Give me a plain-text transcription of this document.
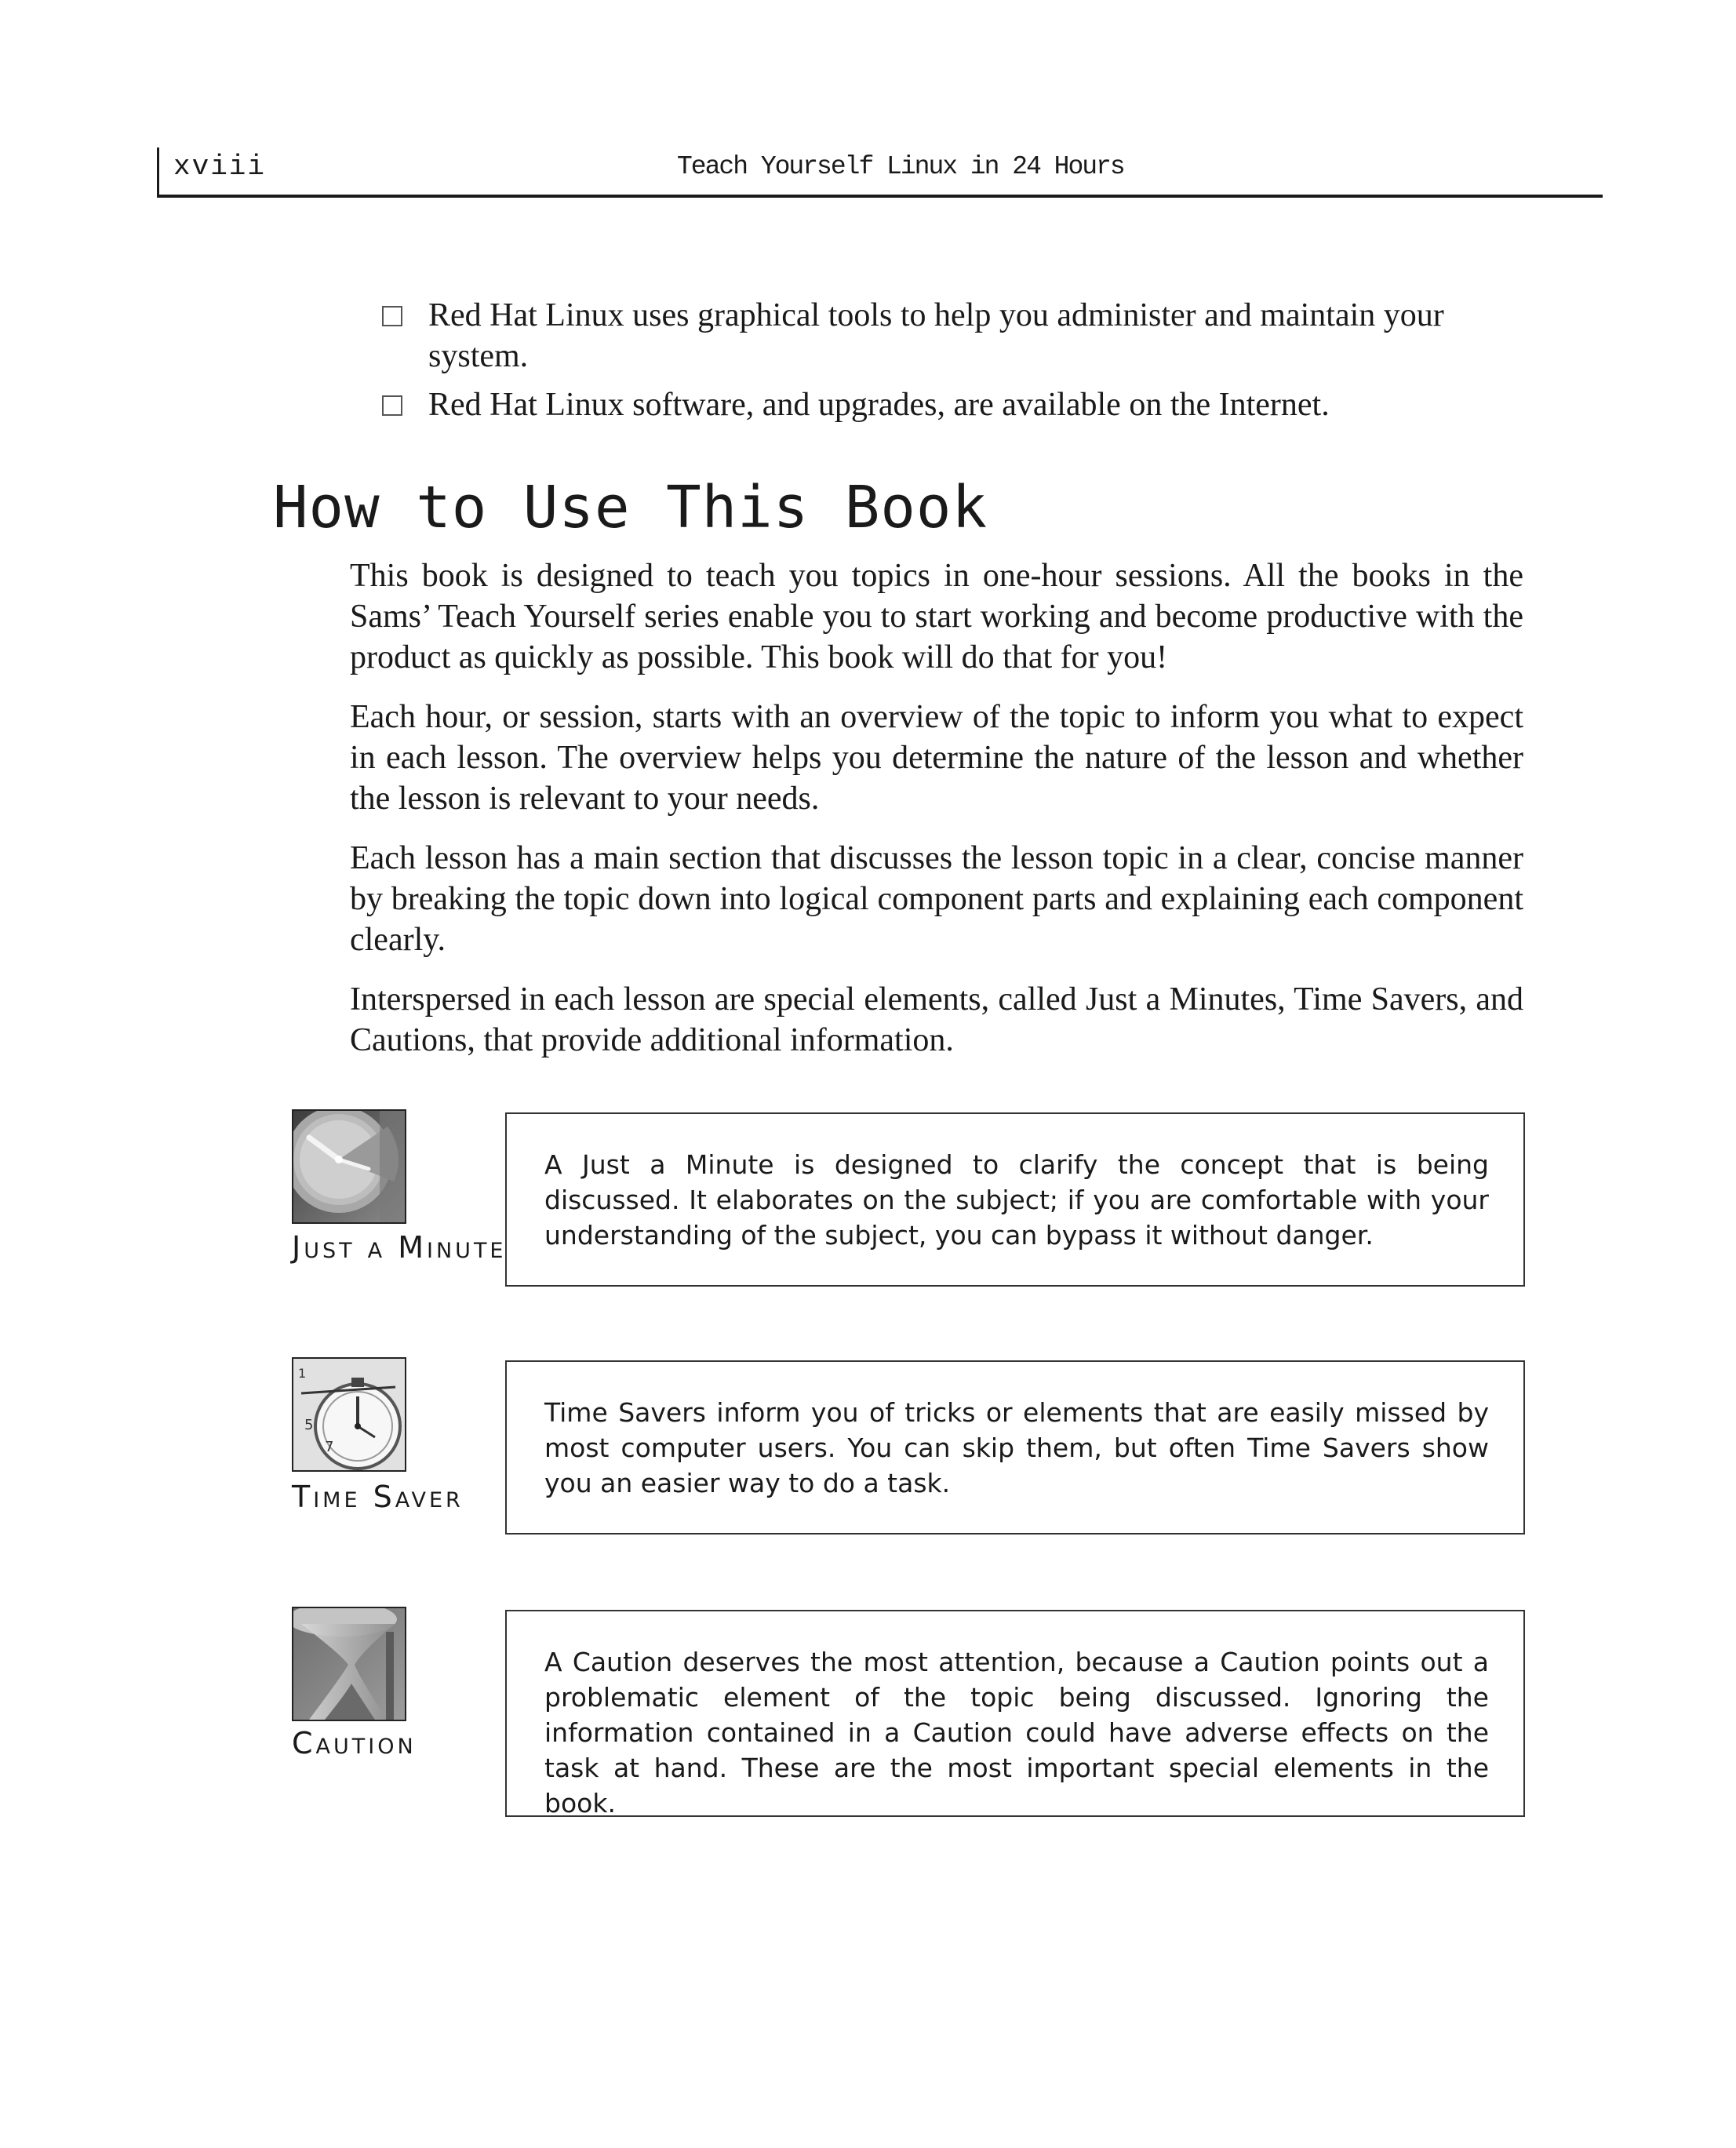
xviii	Teach Yourself Linux in 24 Hours
Red Hat Linux uses graphical tools to help you administer and maintain your system.
Red Hat Linux software, and upgrades, are available on the Internet.
How to Use This Book

This book is designed to teach you topics in one-hour sessions. All the books in the Sams’ Teach Yourself series enable you to start working and become productive with the product as quickly as possible. This book will do that for you!

Each hour, or session, starts with an overview of the topic to inform you what to expect in each lesson. The overview helps you determine the nature of the lesson and whether the lesson is relevant to your needs.

Each lesson has a main section that discusses the lesson topic in a clear, concise manner by breaking the topic down into logical component parts and explaining each component clearly.

Interspersed in each lesson are special elements, called Just a Minutes, Time Savers, and Cautions, that provide additional information.

Just a Minute

A Just a Minute is designed to clarify the concept that is being discussed. It elaborates on the subject; if you are comfortable with your understanding of the subject, you can bypass it without danger.

5
7
1
Time Saver

Time Savers inform you of tricks or elements that are easily missed by most computer users. You can skip them, but often Time Savers show you an easier way to do a task.

Caution

A Caution deserves the most attention, because a Caution points out a problematic element of the topic being discussed. Ignoring the information contained in a Caution could have adverse effects on the task at hand. These are the most important special elements in the book.
